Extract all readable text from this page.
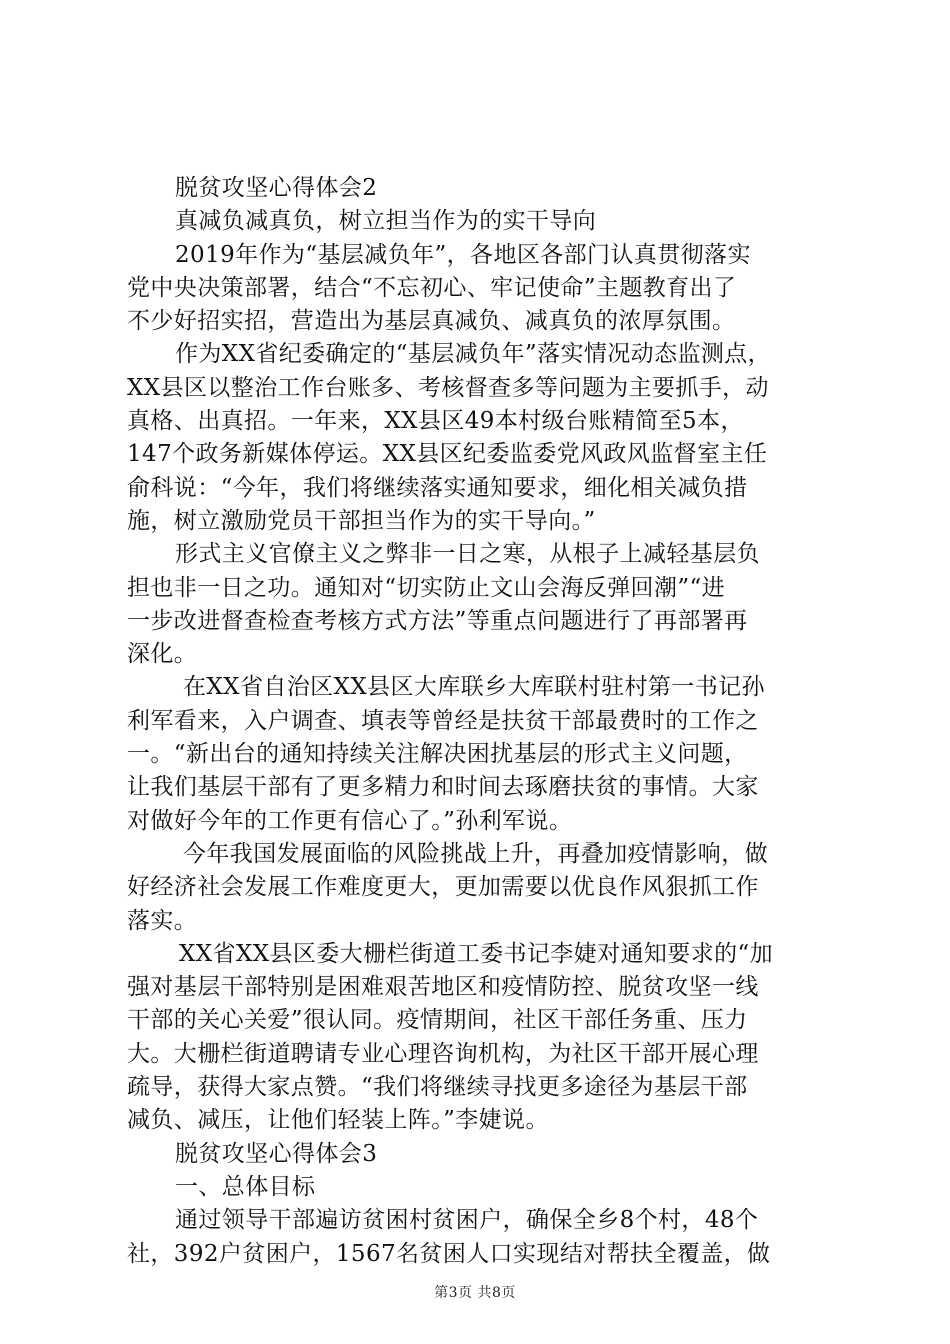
脱贫攻坚心得体会2
真减负减真负，树立担当作为的实干导向
2019年作为“基层减负年”，各地区各部门认真贯彻落实
党中央决策部署，结合“不忘初心、牢记使命”主题教育出了
不少好招实招，营造出为基层真减负、减真负的浓厚氛围。
作为XX省纪委确定的“基层减负年”落实情况动态监测点，
XX县区以整治工作台账多、考核督查多等问题为主要抓手，动
真格、出真招。一年来，XX县区49本村级台账精简至5本，
147个政务新媒体停运。XX县区纪委监委党风政风监督室主任
俞科说：“今年，我们将继续落实通知要求，细化相关减负措
施，树立激励党员干部担当作为的实干导向。”
形式主义官僚主义之弊非一日之寒，从根子上减轻基层负
担也非一日之功。通知对“切实防止文山会海反弹回潮”“进
一步改进督查检查考核方式方法”等重点问题进行了再部署再
深化。
在XX省自治区XX县区大库联乡大库联村驻村第一书记孙
利军看来，入户调查、填表等曾经是扶贫干部最费时的工作之
一。“新出台的通知持续关注解决困扰基层的形式主义问题，
让我们基层干部有了更多精力和时间去琢磨扶贫的事情。大家
对做好今年的工作更有信心了。”孙利军说。
今年我国发展面临的风险挑战上升，再叠加疫情影响，做
好经济社会发展工作难度更大，更加需要以优良作风狠抓工作
落实。
XX省XX县区委大栅栏街道工委书记李婕对通知要求的“加
强对基层干部特别是困难艰苦地区和疫情防控、脱贫攻坚一线
干部的关心关爱”很认同。疫情期间，社区干部任务重、压力
大。大栅栏街道聘请专业心理咨询机构，为社区干部开展心理
疏导，获得大家点赞。“我们将继续寻找更多途径为基层干部
减负、减压，让他们轻装上阵。”李婕说。
脱贫攻坚心得体会3
一、总体目标
通过领导干部遍访贫困村贫困户，确保全乡8个村，48个
社，392户贫困户，1567名贫困人口实现结对帮扶全覆盖，做
第3页 共8页
